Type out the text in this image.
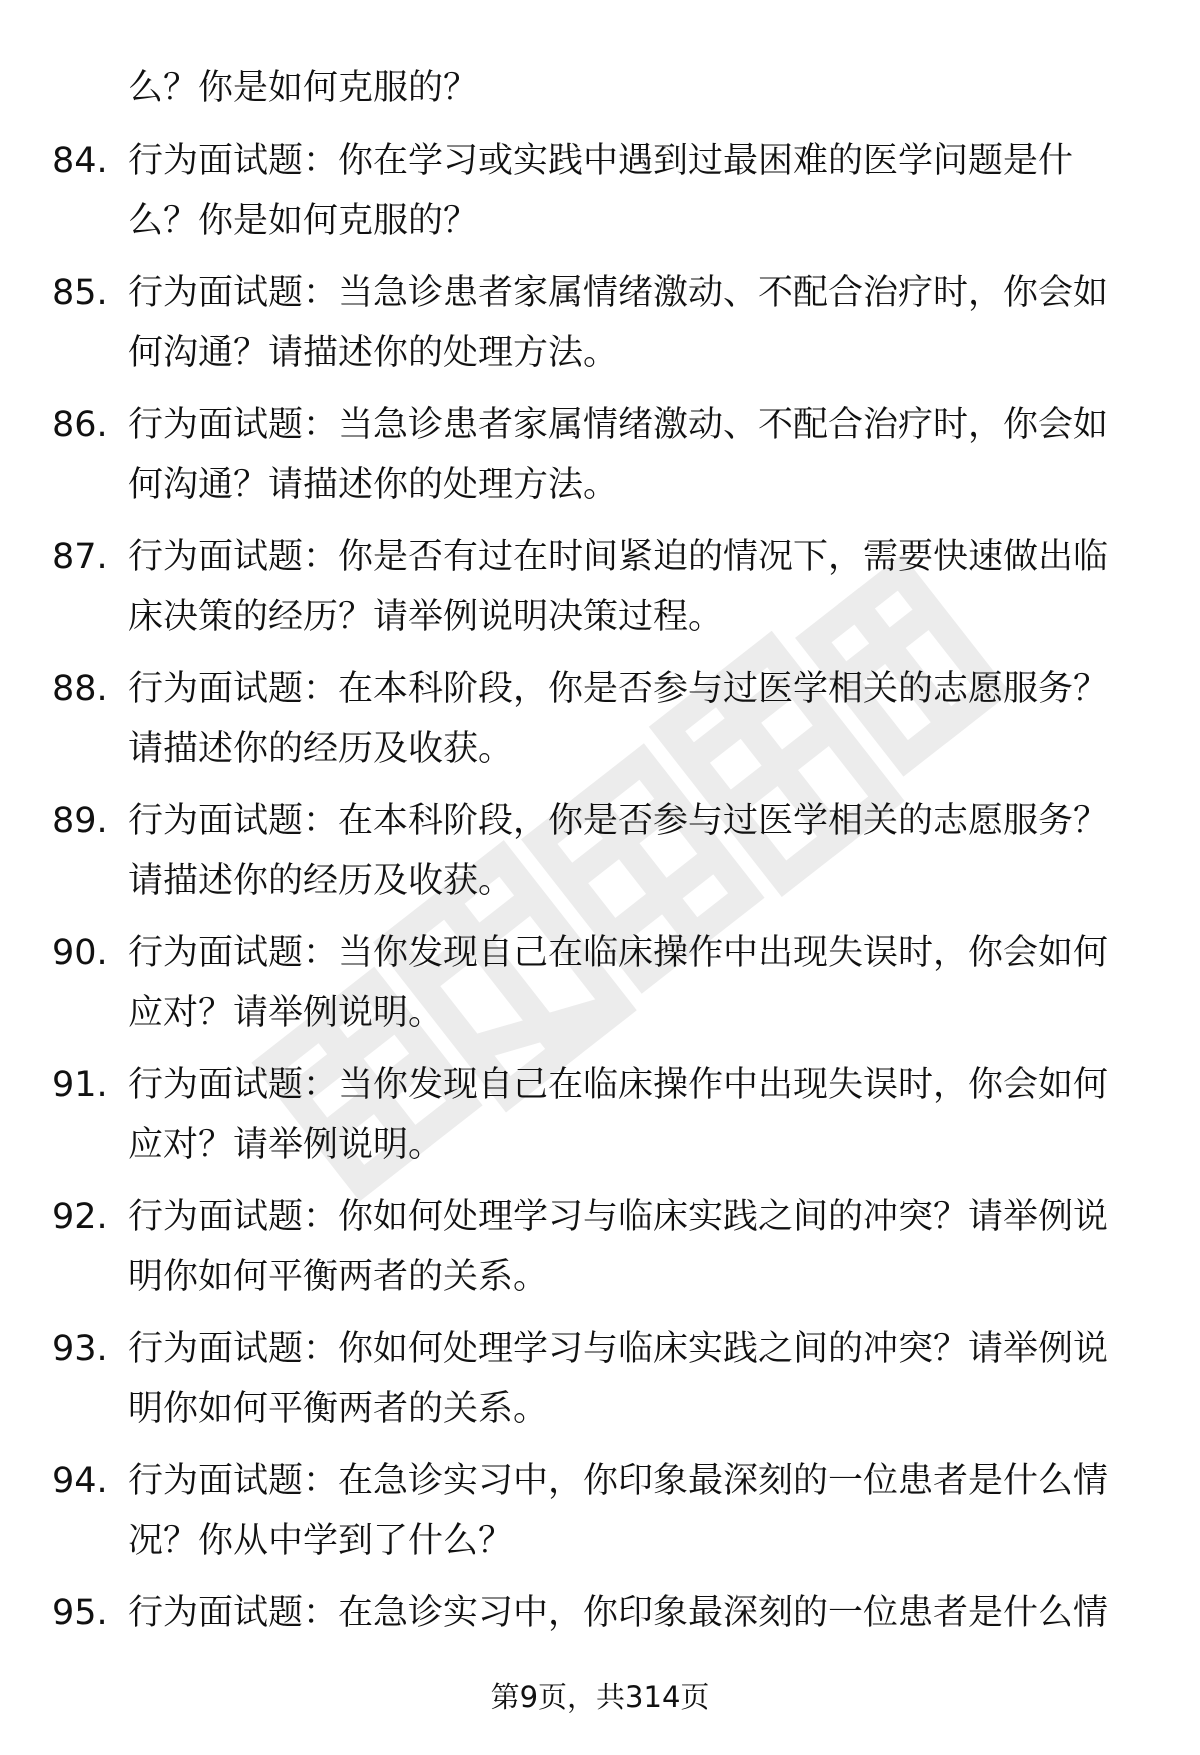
么？你是如何克服的？
84. 行为面试题：你在学习或实践中遇到过最困难的医学问题是什
么？你是如何克服的？
85. 行为面试题：当急诊患者家属情绪激动、不配合治疗时，你会如
何沟通？请描述你的处理方法。
86. 行为面试题：当急诊患者家属情绪激动、不配合治疗时，你会如
何沟通？请描述你的处理方法。
87. 行为面试题：你是否有过在时间紧迫的情况下，需要快速做出临
床决策的经历？请举例说明决策过程。
88. 行为面试题：在本科阶段，你是否参与过医学相关的志愿服务？
请描述你的经历及收获。
89. 行为面试题：在本科阶段，你是否参与过医学相关的志愿服务？
请描述你的经历及收获。
90. 行为面试题：当你发现自己在临床操作中出现失误时，你会如何
应对？请举例说明。
91. 行为面试题：当你发现自己在临床操作中出现失误时，你会如何
应对？请举例说明。
92. 行为面试题：你如何处理学习与临床实践之间的冲突？请举例说
明你如何平衡两者的关系。
93. 行为面试题：你如何处理学习与临床实践之间的冲突？请举例说
明你如何平衡两者的关系。
94. 行为面试题：在急诊实习中，你印象最深刻的一位患者是什么情
况？你从中学到了什么？
95. 行为面试题：在急诊实习中，你印象最深刻的一位患者是什么情
第9页，共314页
